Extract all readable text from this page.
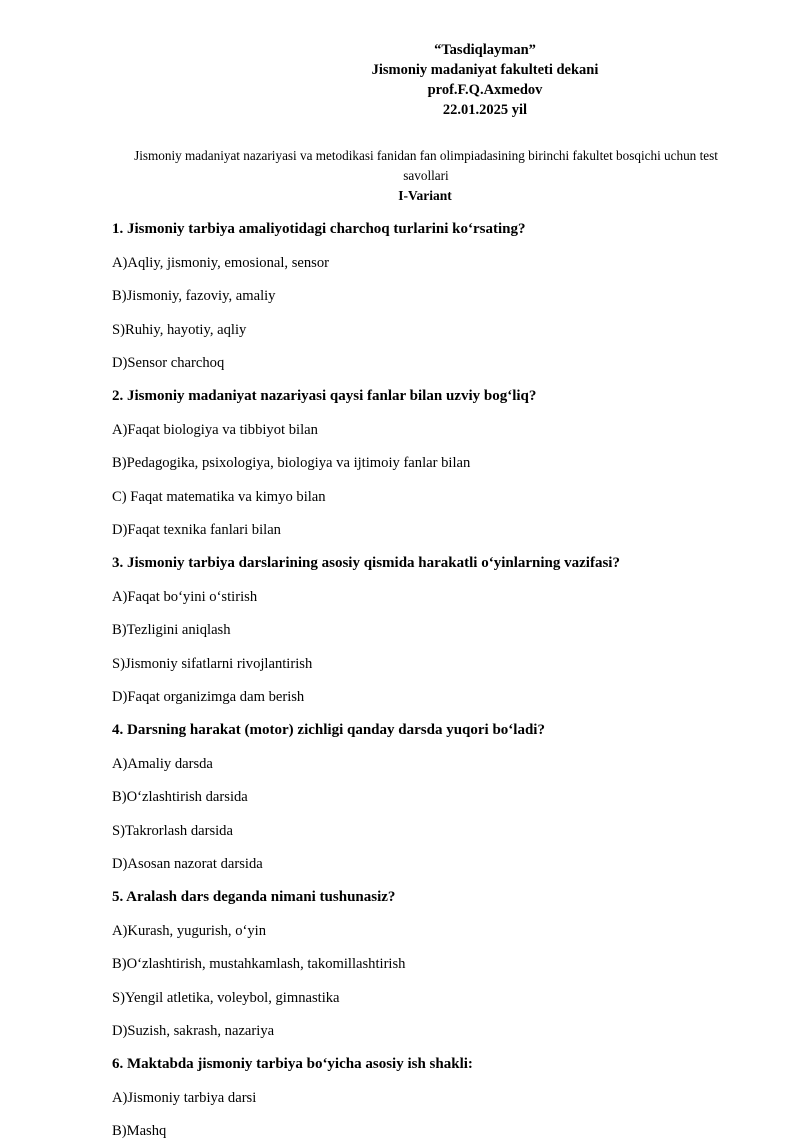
“Tasdiqlayman”
Jismoniy madaniyat fakulteti dekani
prof.F.Q.Axmedov
22.01.2025 yil
Jismoniy madaniyat nazariyasi va metodikasi fanidan fan olimpiadasining birinchi fakultet bosqichi uchun test savollari
I-Variant

1. Jismoniy tarbiya amaliyotidagi charchoq turlarini ko‘rsating?

A)Aqliy, jismoniy, emosional, sensor

B)Jismoniy, fazoviy, amaliy

S)Ruhiy, hayotiy, aqliy

D)Sensor charchoq

2. Jismoniy madaniyat nazariyasi qaysi fanlar bilan uzviy bog‘liq?

A)Faqat biologiya va tibbiyot bilan

B)Pedagogika, psixologiya, biologiya va ijtimoiy fanlar bilan

C) Faqat matematika va kimyo bilan

D)Faqat texnika fanlari bilan

3. Jismoniy tarbiya darslarining asosiy qismida harakatli o‘yinlarning vazifasi?

A)Faqat bo‘yini o‘stirish

B)Tezligini aniqlash

S)Jismoniy sifatlarni rivojlantirish

D)Faqat organizimga dam berish

4. Darsning harakat (motor) zichligi qanday darsda yuqori bo‘ladi?

A)Amaliy darsda

B)O‘zlashtirish darsida

S)Takrorlash darsida

D)Asosan nazorat darsida

5. Aralash dars deganda nimani tushunasiz?

A)Kurash, yugurish, o‘yin

B)O‘zlashtirish, mustahkamlash, takomillashtirish

S)Yengil atletika, voleybol, gimnastika

D)Suzish, sakrash, nazariya

6. Maktabda jismoniy tarbiya bo‘yicha asosiy ish shakli:

A)Jismoniy tarbiya darsi

B)Mashq
